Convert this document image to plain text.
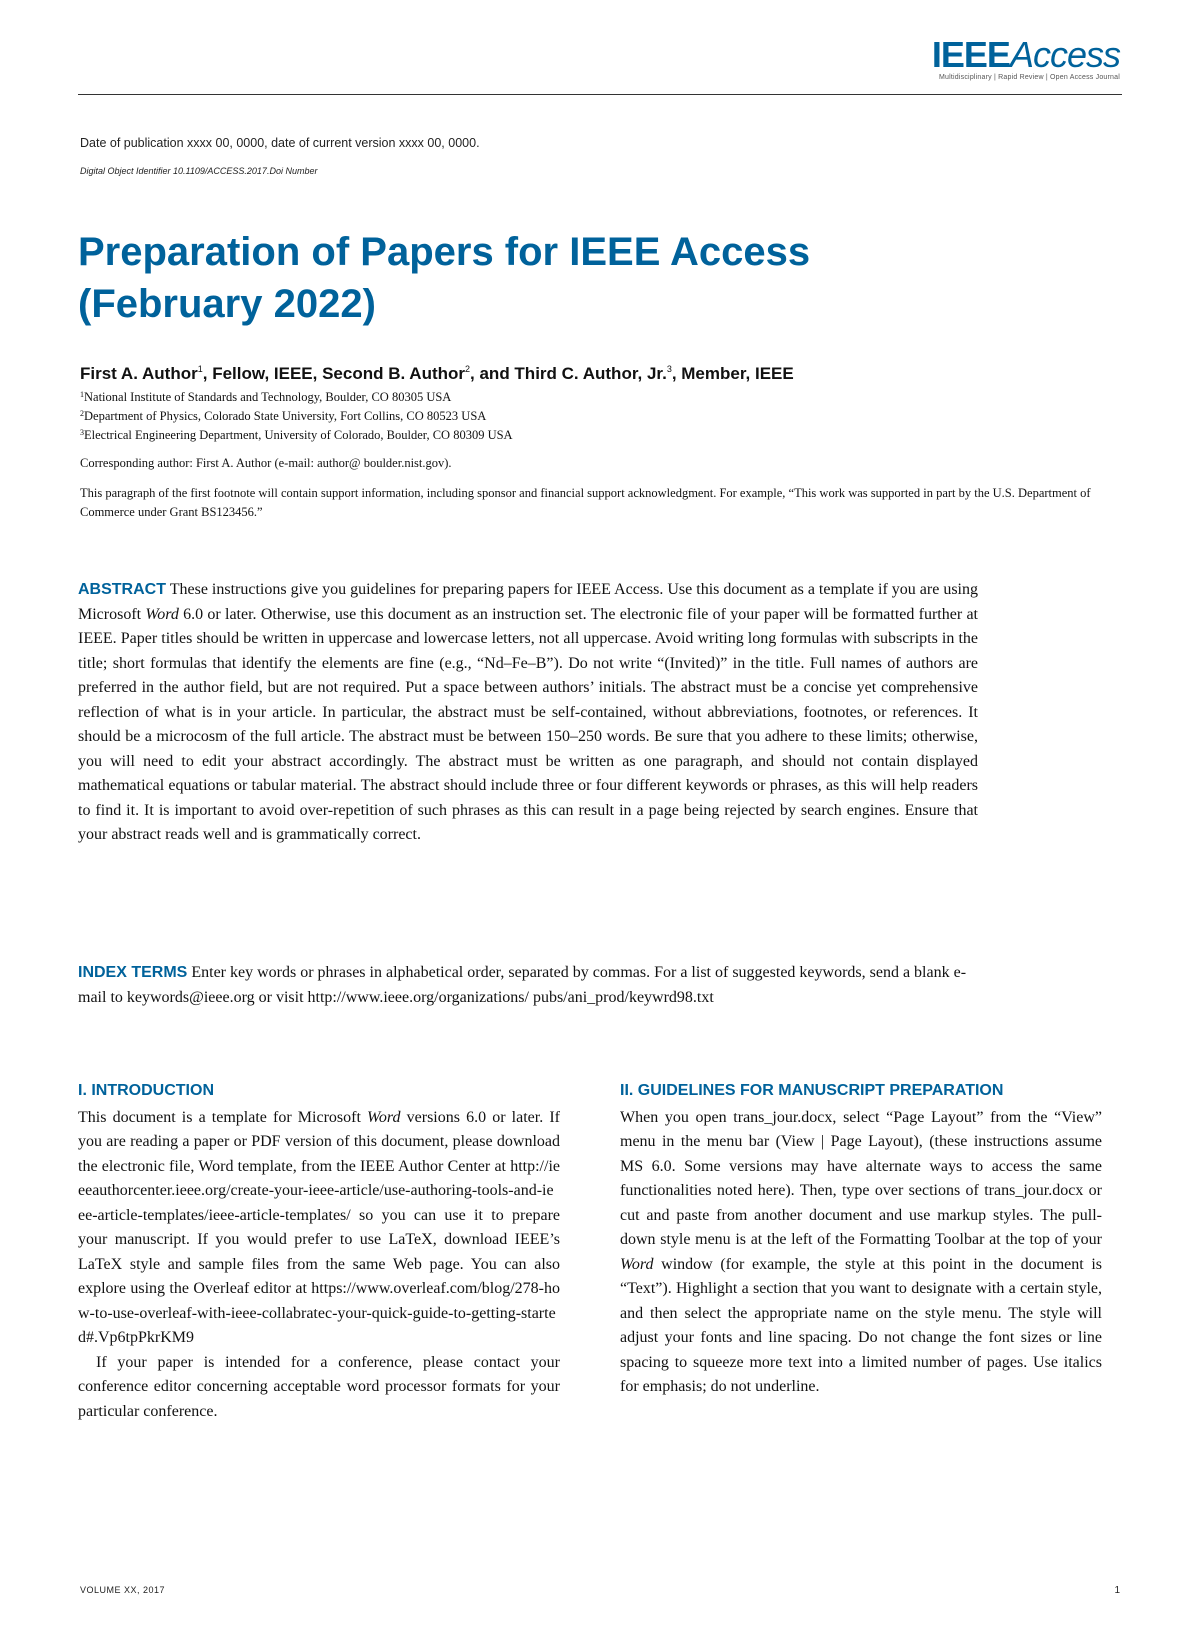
IEEEAccess
Multidisciplinary | Rapid Review | Open Access Journal
Date of publication xxxx 00, 0000, date of current version xxxx 00, 0000.
Digital Object Identifier 10.1109/ACCESS.2017.Doi Number
Preparation of Papers for IEEE Access
(February 2022)
First A. Author$^1$, Fellow, IEEE, Second B. Author$^2$, and Third C. Author, Jr.$^3$, Member, IEEE
$^1$National Institute of Standards and Technology, Boulder, CO 80305 USA
$^2$Department of Physics, Colorado State University, Fort Collins, CO 80523 USA
$^3$Electrical Engineering Department, University of Colorado, Boulder, CO 80309 USA
Corresponding author: First A. Author (e-mail: author@ boulder.nist.gov).
This paragraph of the first footnote will contain support information, including sponsor and financial support acknowledgment. For example, “This work was supported in part by the U.S. Department of Commerce under Grant BS123456.”
ABSTRACT These instructions give you guidelines for preparing papers for IEEE Access. Use this document as a template if you are using Microsoft Word 6.0 or later. Otherwise, use this document as an instruction set. The electronic file of your paper will be formatted further at IEEE. Paper titles should be written in uppercase and lowercase letters, not all uppercase. Avoid writing long formulas with subscripts in the title; short formulas that identify the elements are fine (e.g., “Nd–Fe–B”). Do not write “(Invited)” in the title. Full names of authors are preferred in the author field, but are not required. Put a space between authors’ initials. The abstract must be a concise yet comprehensive reflection of what is in your article. In particular, the abstract must be self-contained, without abbreviations, footnotes, or references. It should be a microcosm of the full article. The abstract must be between 150–250 words. Be sure that you adhere to these limits; otherwise, you will need to edit your abstract accordingly. The abstract must be written as one paragraph, and should not contain displayed mathematical equations or tabular material. The abstract should include three or four different keywords or phrases, as this will help readers to find it. It is important to avoid over-repetition of such phrases as this can result in a page being rejected by search engines. Ensure that your abstract reads well and is grammatically correct.
INDEX TERMS Enter key words or phrases in alphabetical order, separated by commas. For a list of suggested keywords, send a blank e-mail to keywords@ieee.org or visit http://www.ieee.org/organizations/ pubs/ani_prod/keywrd98.txt
I. INTRODUCTION

This document is a template for Microsoft Word versions 6.0 or later. If you are reading a paper or PDF version of this document, please download the electronic file, Word template, from the IEEE Author Center at http://ieeeauthorcenter.ieee.org/create-your-ieee-article/use-authoring-tools-and-ieee-article-templates/ieee-article-templates/ so you can use it to prepare your manuscript. If you would prefer to use LaTeX, download IEEE’s LaTeX style and sample files from the same Web page. You can also explore using the Overleaf editor at https://www.overleaf.com/blog/278-how-to-use-overleaf-with-ieee-collabratec-your-quick-guide-to-getting-started#.Vp6tpPkrKM9

If your paper is intended for a conference, please contact your conference editor concerning acceptable word processor formats for your particular conference.

II. GUIDELINES FOR MANUSCRIPT PREPARATION

When you open trans_jour.docx, select “Page Layout” from the “View” menu in the menu bar (View | Page Layout), (these instructions assume MS 6.0. Some versions may have alternate ways to access the same functionalities noted here). Then, type over sections of trans_jour.docx or cut and paste from another document and use markup styles. The pull-down style menu is at the left of the Formatting Toolbar at the top of your Word window (for example, the style at this point in the document is “Text”). Highlight a section that you want to designate with a certain style, and then select the appropriate name on the style menu. The style will adjust your fonts and line spacing. Do not change the font sizes or line spacing to squeeze more text into a limited number of pages. Use italics for emphasis; do not underline.

VOLUME XX, 2017	1
